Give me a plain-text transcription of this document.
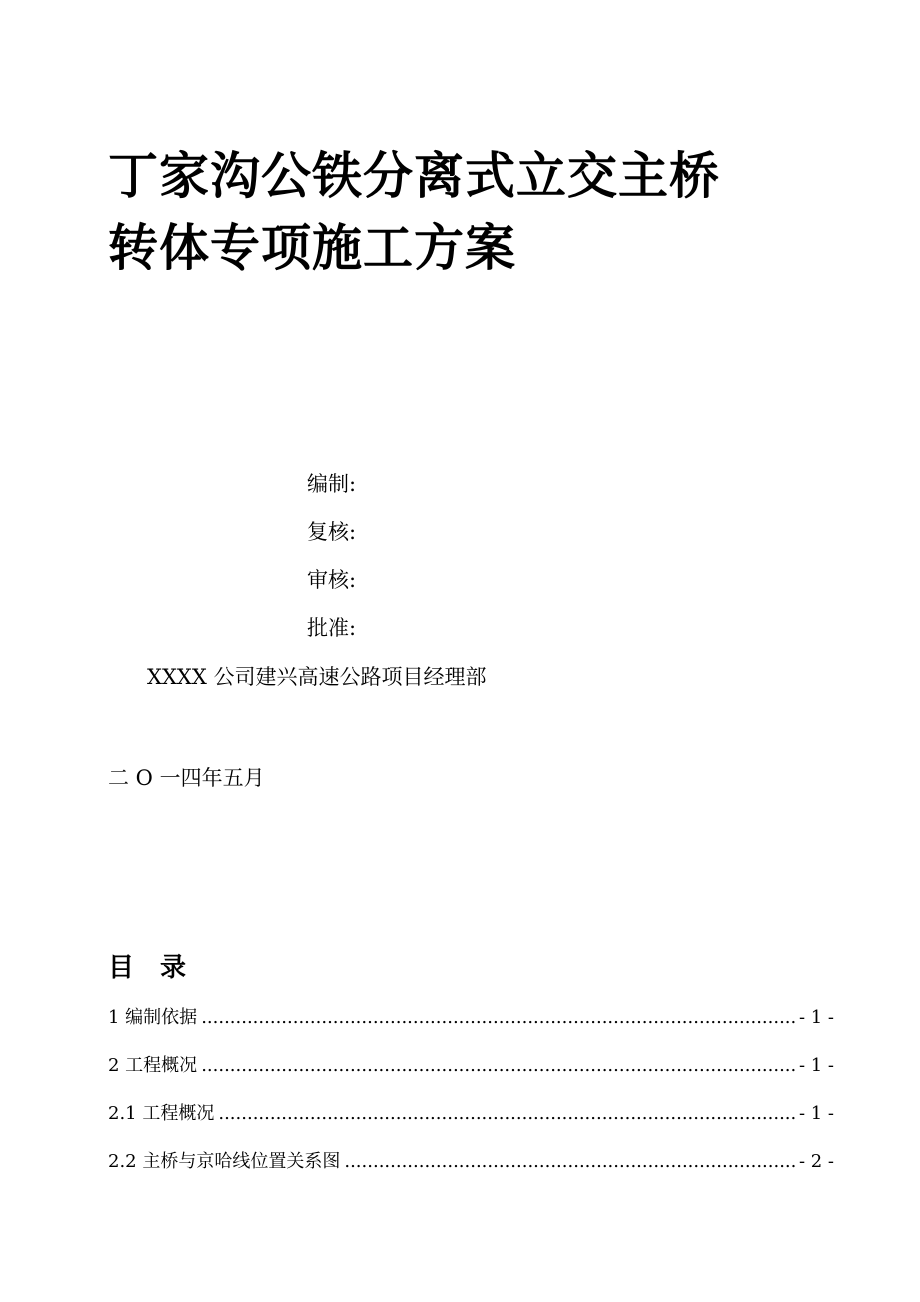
丁家沟公铁分离式立交主桥
转体专项施工方案
编制:
复核:
审核:
批准:
XXXX 公司建兴高速公路项目经理部
二 O 一四年五月
目　录
1 编制依据 .....	- 1 -
2 工程概况 .....	- 1 -
2.1 工程概况 .....	- 1 -
2.2 主桥与京哈线位置关系图 .....	- 2 -
